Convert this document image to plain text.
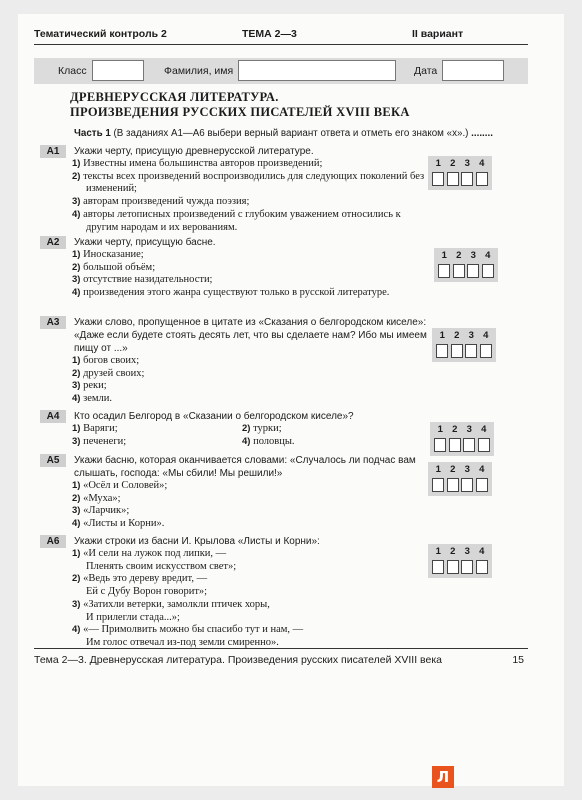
Тематический контроль 2	ТЕМА 2—3	II вариант
Класс	Фамилия, имя	Дата
ДРЕВНЕРУССКАЯ ЛИТЕРАТУРА.
ПРОИЗВЕДЕНИЯ РУССКИХ ПИСАТЕЛЕЙ XVIII ВЕКА
Часть 1 (В заданиях А1—А6 выбери верный вариант ответа и отметь его знаком «х».) ........
A1	Укажи черту, присущую древнерусской литературе.
1) Известны имена большинства авторов произведений;
2) тексты всех произведений воспроизводились для следующих поколений без изменений;
3) авторам произведений чужда поэзия;
4) авторы летописных произведений с глубоким уважением относились к другим народам и их верованиям.
A2	Укажи черту, присущую басне.
1) Иносказание;
2) большой объём;
3) отсутствие назидательности;
4) произведения этого жанра существуют только в русской литературе.
A3	Укажи слово, пропущенное в цитате из «Сказания о белгородском киселе»: «Даже если будете стоять десять лет, что вы сделаете нам? Ибо мы имеем пищу от ...»
1) богов своих;
2) друзей своих;
3) реки;
4) земли.
A4	Кто осадил Белгород в «Сказании о белгородском киселе»?
1) Варяги;	2) турки;
3) печенеги;	4) половцы.
A5	Укажи басню, которая оканчивается словами: «Случалось ли подчас вам слышать, господа: «Мы сбили! Мы решили!»
1) «Осёл и Соловей»;
2) «Муха»;
3) «Ларчик»;
4) «Листы и Корни».
A6	Укажи строки из басни И. Крылова «Листы и Корни»:
1) «И сели на лужок под липки, —
Пленять своим искусством свет»;
2) «Ведь это дереву вредит, —
Ей с Дубу Ворон говорит»;
3) «Затихли ветерки, замолкли птичек хоры,
И прилегли стада...»;
4) «— Примолвить можно бы спасибо тут и нам, —
Им голос отвечал из-под земли смиренно».
1 2 3 4
1 2 3 4
1 2 3 4
1 2 3 4
1 2 3 4
1 2 3 4
Тема 2—3. Древнерусская литература. Произведения русских писателей XVIII века	15
Л
